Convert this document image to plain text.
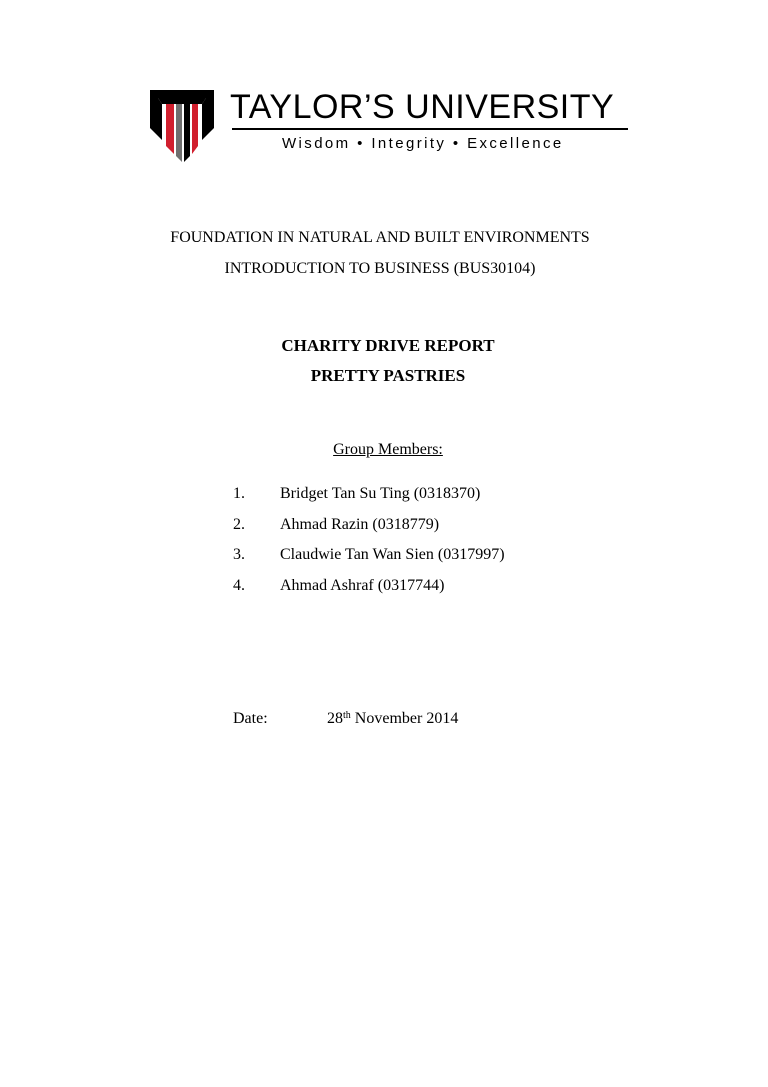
TAYLOR’S UNIVERSITY
Wisdom • Integrity • Excellence
FOUNDATION IN NATURAL AND BUILT ENVIRONMENTS
INTRODUCTION TO BUSINESS (BUS30104)
CHARITY DRIVE REPORT
PRETTY PASTRIES
Group Members:
1.	Bridget Tan Su Ting (0318370)
2.	Ahmad Razin (0318779)
3.	Claudwie Tan Wan Sien (0317997)
4.	Ahmad Ashraf (0317744)
Date:	28th November 2014
